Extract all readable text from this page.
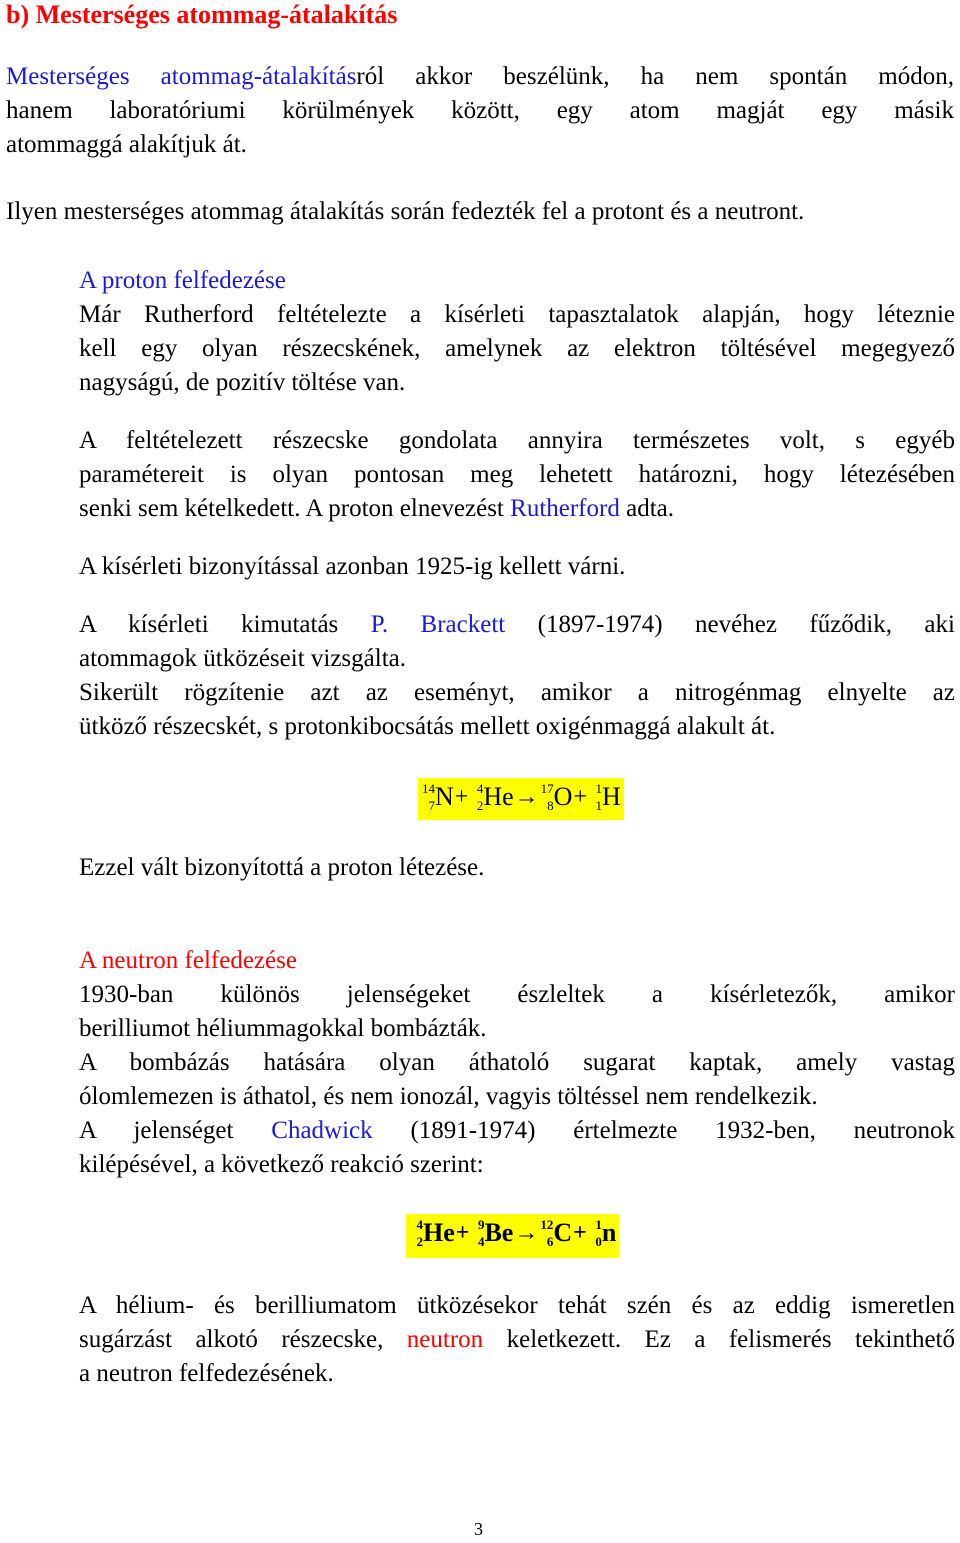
b) Mesterséges atommag-átalakítás
Mesterséges atommag-átalakításról akkor beszélünk, ha nem spontán módon,
hanem laboratóriumi körülmények között, egy atom magját egy másik
atommaggá alakítjuk át.
Ilyen mesterséges atommag átalakítás során fedezték fel a protont és a neutront.
A proton felfedezése
Már Rutherford feltételezte a kísérleti tapasztalatok alapján, hogy léteznie
kell egy olyan részecskének, amelynek az elektron töltésével megegyező
nagyságú, de pozitív töltése van.
A feltételezett részecske gondolata annyira természetes volt, s egyéb
paramétereit is olyan pontosan meg lehetett határozni, hogy létezésében
senki sem kételkedett. A proton elnevezést Rutherford adta.
A kísérleti bizonyítással azonban 1925-ig kellett várni.
A kísérleti kimutatás P. Brackett (1897-1974) nevéhez fűződik, aki
atommagok ütközéseit vizsgálta.
Sikerült rögzítenie azt az eseményt, amikor a nitrogénmag elnyelte az
ütköző részecskét, s protonkibocsátás mellett oxigénmaggá alakult át.
14
7 N+ 4
2 He→ 17
8 O+ 1
1 H
Ezzel vált bizonyítottá a proton létezése.
A neutron felfedezése
1930-ban különös jelenségeket észleltek a kísérletezők, amikor
berilliumot héliummagokkal bombázták.
A bombázás hatására olyan áthatoló sugarat kaptak, amely vastag
ólomlemezen is áthatol, és nem ionozál, vagyis töltéssel nem rendelkezik.
A jelenséget Chadwick (1891-1974) értelmezte 1932-ben, neutronok
kilépésével, a következő reakció szerint:
4
2 He+ 9
4 Be→ 12
6 C+ 1
0 n
A hélium- és berilliumatom ütközésekor tehát szén és az eddig ismeretlen
sugárzást alkotó részecske, neutron keletkezett. Ez a felismerés tekinthető
a neutron felfedezésének.
3
